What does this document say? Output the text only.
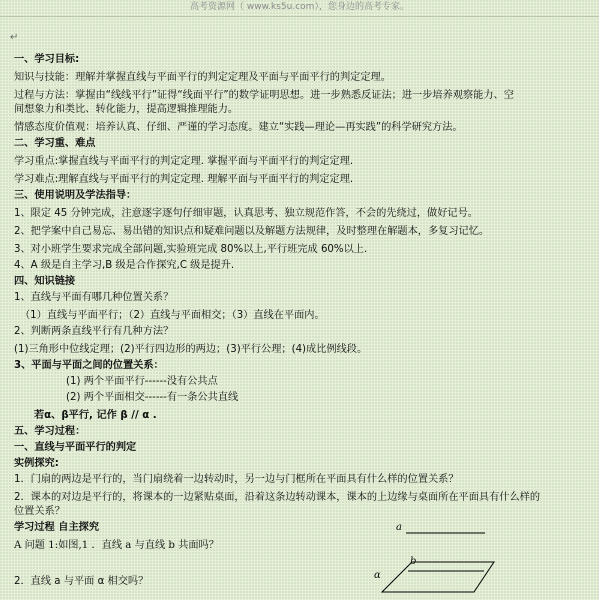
高考资源网（ www.ks5u.com），您身边的高考专家。
↵
一、学习目标:
知识与技能：理解并掌握直线与平面平行的判定定理及平面与平面平行的判定定理。
过程与方法：掌握由“线线平行”证得“线面平行”的数学证明思想。进一步熟悉反证法；进一步培养观察能力、空
间想象力和类比、转化能力，提高逻辑推理能力。
情感态度价值观：培养认真、仔细、严谨的学习态度。建立“实践—理论—再实践”的科学研究方法。
二、学习重、难点
学习重点:掌握直线与平面平行的判定定理. 掌握平面与平面平行的判定定理.
学习难点:理解直线与平面平行的判定定理. 理解平面与平面平行的判定定理.
三、使用说明及学法指导：
1、限定 45 分钟完成，注意逐字逐句仔细审题，认真思考、独立规范作答，不会的先绕过，做好记号。
2、把学案中自己易忘、易出错的知识点和疑难问题以及解题方法规律，及时整理在解题本，多复习记忆。
3、对小班学生要求完成全部问题,实验班完成 80%以上,平行班完成 60%以上.
4、A 级是自主学习,B 级是合作探究,C 级是提升.
四、知识链接
1、直线与平面有哪几种位置关系？
（1）直线与平面平行；（2）直线与平面相交；（3）直线在平面内。
2、判断两条直线平行有几种方法？
(1)三角形中位线定理；(2)平行四边形的两边；(3)平行公理；(4)成比例线段。
3、平面与平面之间的位置关系：
(1) 两个平面平行------没有公共点
(2) 两个平面相交------有一条公共直线
若α、β平行, 记作 β // α .
五、学习过程：
一、直线与平面平行的判定
实例探究:
1．门扇的两边是平行的，当门扇绕着一边转动时，另一边与门框所在平面具有什么样的位置关系？
2．课本的对边是平行的，将课本的一边紧贴桌面，沿着这条边转动课本，课本的上边缘与桌面所在平面具有什么样的
位置关系？
学习过程 自主探究
A 问题 1:如图,1 ．直线 a 与直线 b 共面吗？
2．直线 a 与平面 α 相交吗？
a
b
α
